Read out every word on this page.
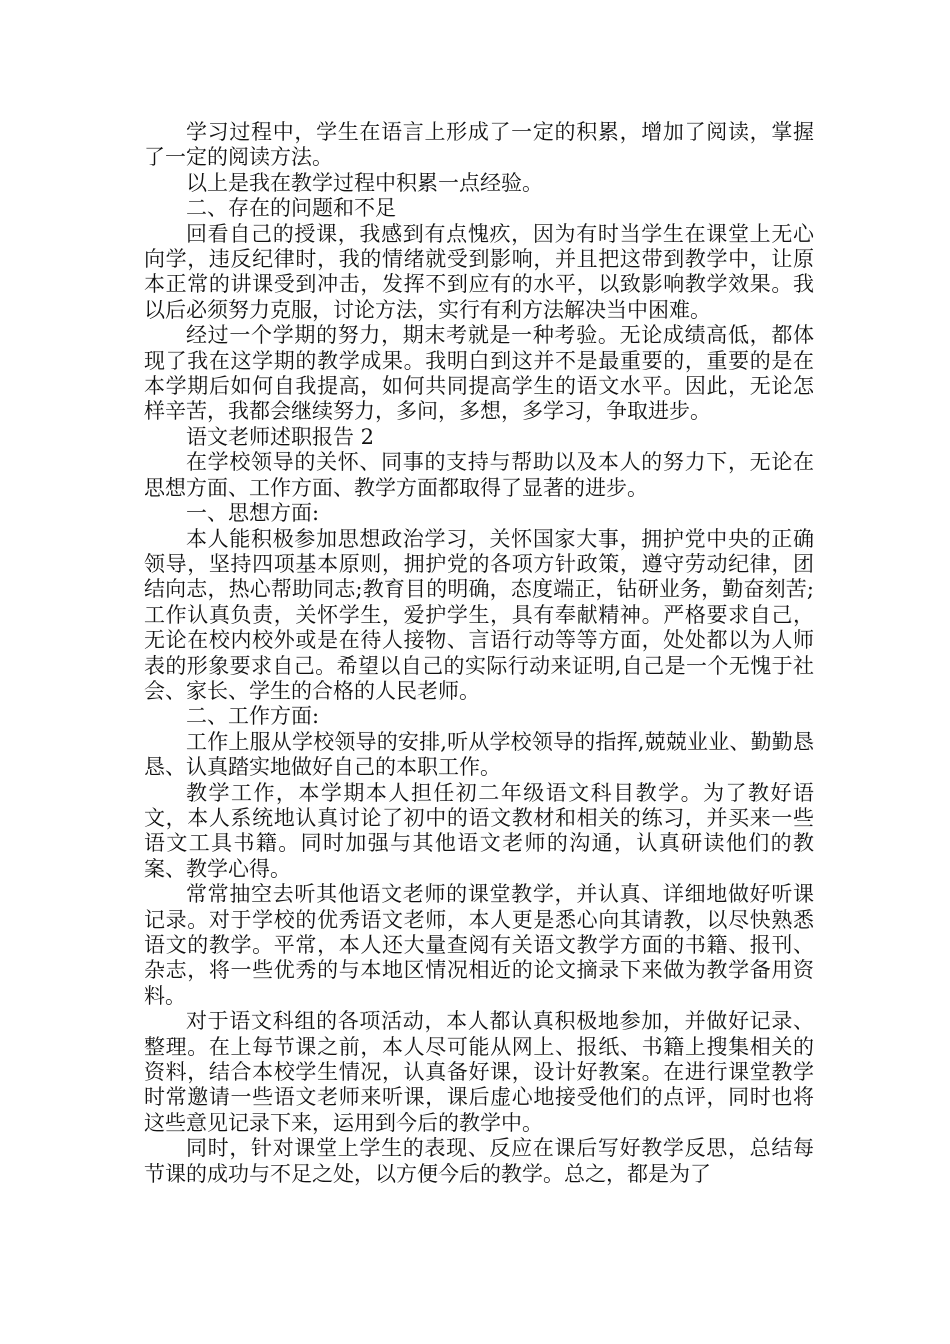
学习过程中，学生在语言上形成了一定的积累，增加了阅读，掌握了一定的阅读方法。

以上是我在教学过程中积累一点经验。

二、存在的问题和不足

回看自己的授课，我感到有点愧疚，因为有时当学生在课堂上无心向学，违反纪律时，我的情绪就受到影响，并且把这带到教学中，让原本正常的讲课受到冲击，发挥不到应有的水平，以致影响教学效果。我以后必须努力克服，讨论方法，实行有利方法解决当中困难。

经过一个学期的努力，期末考就是一种考验。无论成绩高低，都体现了我在这学期的教学成果。我明白到这并不是最重要的，重要的是在本学期后如何自我提高，如何共同提高学生的语文水平。因此，无论怎样辛苦，我都会继续努力，多问，多想，多学习，争取进步。

语文老师述职报告 2

在学校领导的关怀、同事的支持与帮助以及本人的努力下，无论在思想方面、工作方面、教学方面都取得了显著的进步。

一、思想方面:

本人能积极参加思想政治学习，关怀国家大事，拥护党中央的正确领导，坚持四项基本原则，拥护党的各项方针政策，遵守劳动纪律，团结向志，热心帮助同志;教育目的明确，态度端正，钻研业务，勤奋刻苦;工作认真负责，关怀学生，爱护学生，具有奉献精神。严格要求自己，无论在校内校外或是在待人接物、言语行动等等方面，处处都以为人师表的形象要求自己。希望以自己的实际行动来证明,自己是一个无愧于社会、家长、学生的合格的人民老师。

二、工作方面:

工作上服从学校领导的安排,听从学校领导的指挥,兢兢业业、勤勤恳恳、认真踏实地做好自己的本职工作。

教学工作，本学期本人担任初二年级语文科目教学。为了教好语文，本人系统地认真讨论了初中的语文教材和相关的练习，并买来一些语文工具书籍。同时加强与其他语文老师的沟通，认真研读他们的教案、教学心得。

常常抽空去听其他语文老师的课堂教学，并认真、详细地做好听课记录。对于学校的优秀语文老师，本人更是悉心向其请教，以尽快熟悉语文的教学。平常，本人还大量查阅有关语文教学方面的书籍、报刊、杂志，将一些优秀的与本地区情况相近的论文摘录下来做为教学备用资料。

对于语文科组的各项活动，本人都认真积极地参加，并做好记录、整理。在上每节课之前，本人尽可能从网上、报纸、书籍上搜集相关的资料，结合本校学生情况，认真备好课，设计好教案。在进行课堂教学时常邀请一些语文老师来听课，课后虚心地接受他们的点评，同时也将这些意见记录下来，运用到今后的教学中。

同时，针对课堂上学生的表现、反应在课后写好教学反思，总结每节课的成功与不足之处，以方便今后的教学。总之，都是为了
